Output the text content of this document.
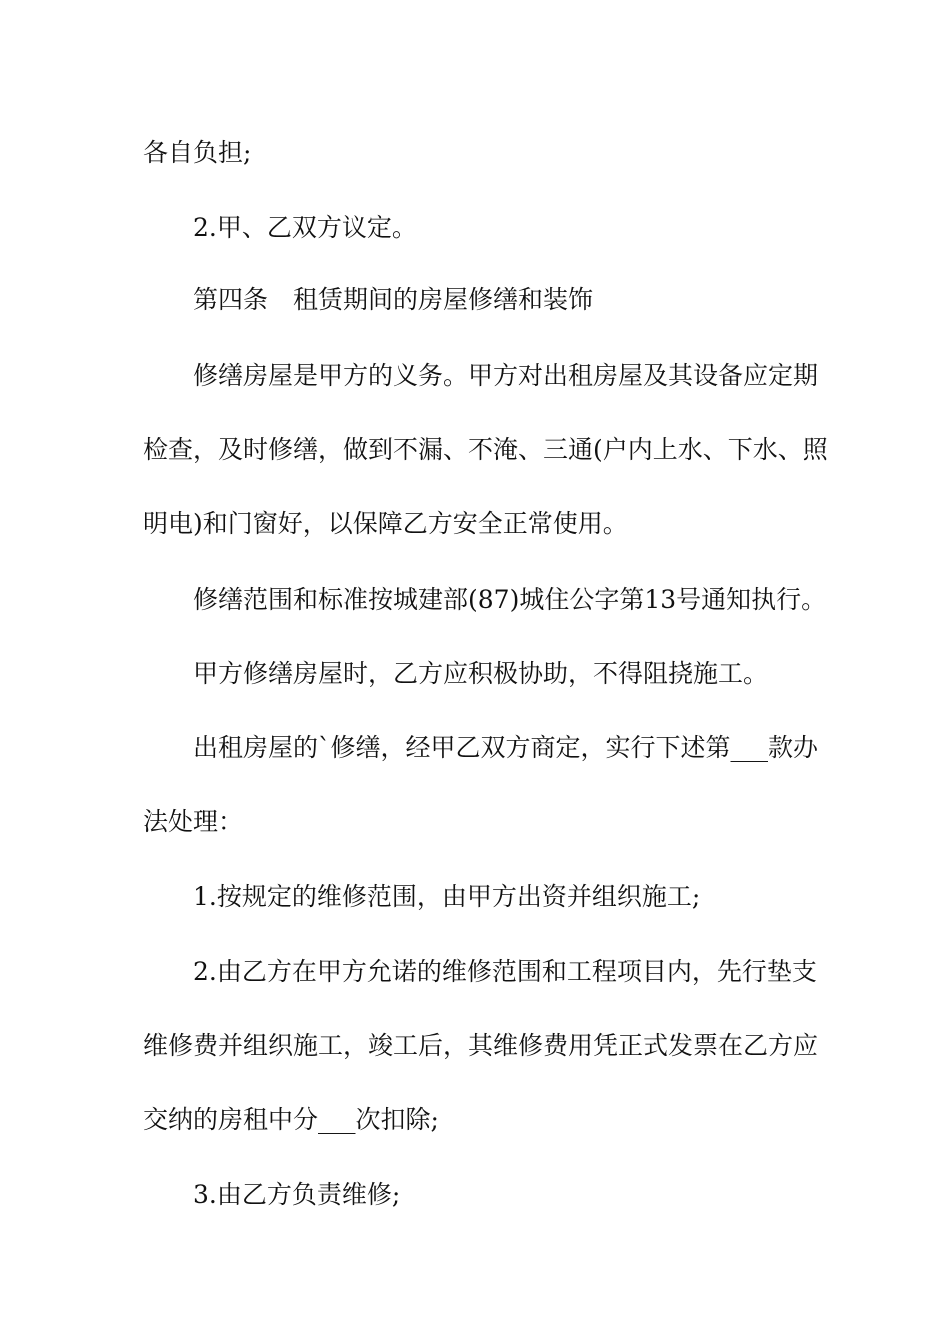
各自负担;
2.甲、乙双方议定。
第四条　租赁期间的房屋修缮和装饰
修缮房屋是甲方的义务。甲方对出租房屋及其设备应定期
检查，及时修缮，做到不漏、不淹、三通(户内上水、下水、照
明电)和门窗好，以保障乙方安全正常使用。
修缮范围和标准按城建部(87)城住公字第13号通知执行。
甲方修缮房屋时，乙方应积极协助，不得阻挠施工。
出租房屋的`修缮，经甲乙双方商定，实行下述第___款办
法处理：
1.按规定的维修范围，由甲方出资并组织施工;
2.由乙方在甲方允诺的维修范围和工程项目内，先行垫支
维修费并组织施工，竣工后，其维修费用凭正式发票在乙方应
交纳的房租中分___次扣除;
3.由乙方负责维修;
